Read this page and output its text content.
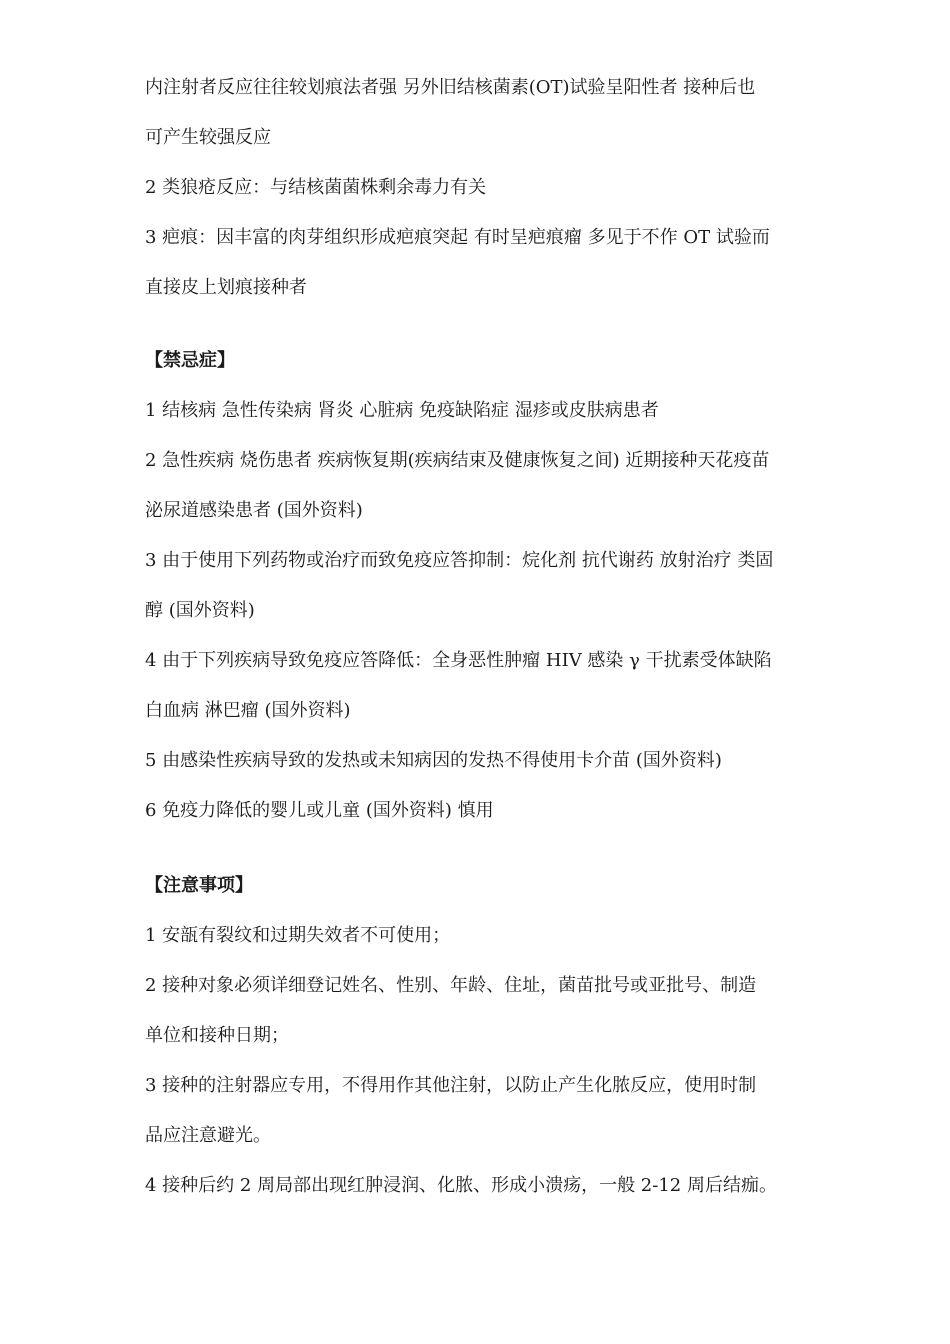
内注射者反应往往较划痕法者强 另外旧结核菌素(OT)试验呈阳性者 接种后也
可产生较强反应
2 类狼疮反应：与结核菌菌株剩余毒力有关
3 疤痕：因丰富的肉芽组织形成疤痕突起 有时呈疤痕瘤 多见于不作 OT 试验而
直接皮上划痕接种者
【禁忌症】
1 结核病 急性传染病 肾炎 心脏病 免疫缺陷症 湿疹或皮肤病患者
2 急性疾病 烧伤患者 疾病恢复期(疾病结束及健康恢复之间) 近期接种天花疫苗
泌尿道感染患者 (国外资料)
3 由于使用下列药物或治疗而致免疫应答抑制：烷化剂 抗代谢药 放射治疗 类固
醇 (国外资料)
4 由于下列疾病导致免疫应答降低：全身恶性肿瘤 HIV 感染 γ 干扰素受体缺陷
白血病 淋巴瘤 (国外资料)
5 由感染性疾病导致的发热或未知病因的发热不得使用卡介苗 (国外资料)
6 免疫力降低的婴儿或儿童 (国外资料) 慎用
【注意事项】
1 安瓿有裂纹和过期失效者不可使用；
2 接种对象必须详细登记姓名、性别、年龄、住址，菌苗批号或亚批号、制造
单位和接种日期；
3 接种的注射器应专用，不得用作其他注射，以防止产生化脓反应，使用时制
品应注意避光。
4 接种后约 2 周局部出现红肿浸润、化脓、形成小溃疡，一般 2-12 周后结痂。
